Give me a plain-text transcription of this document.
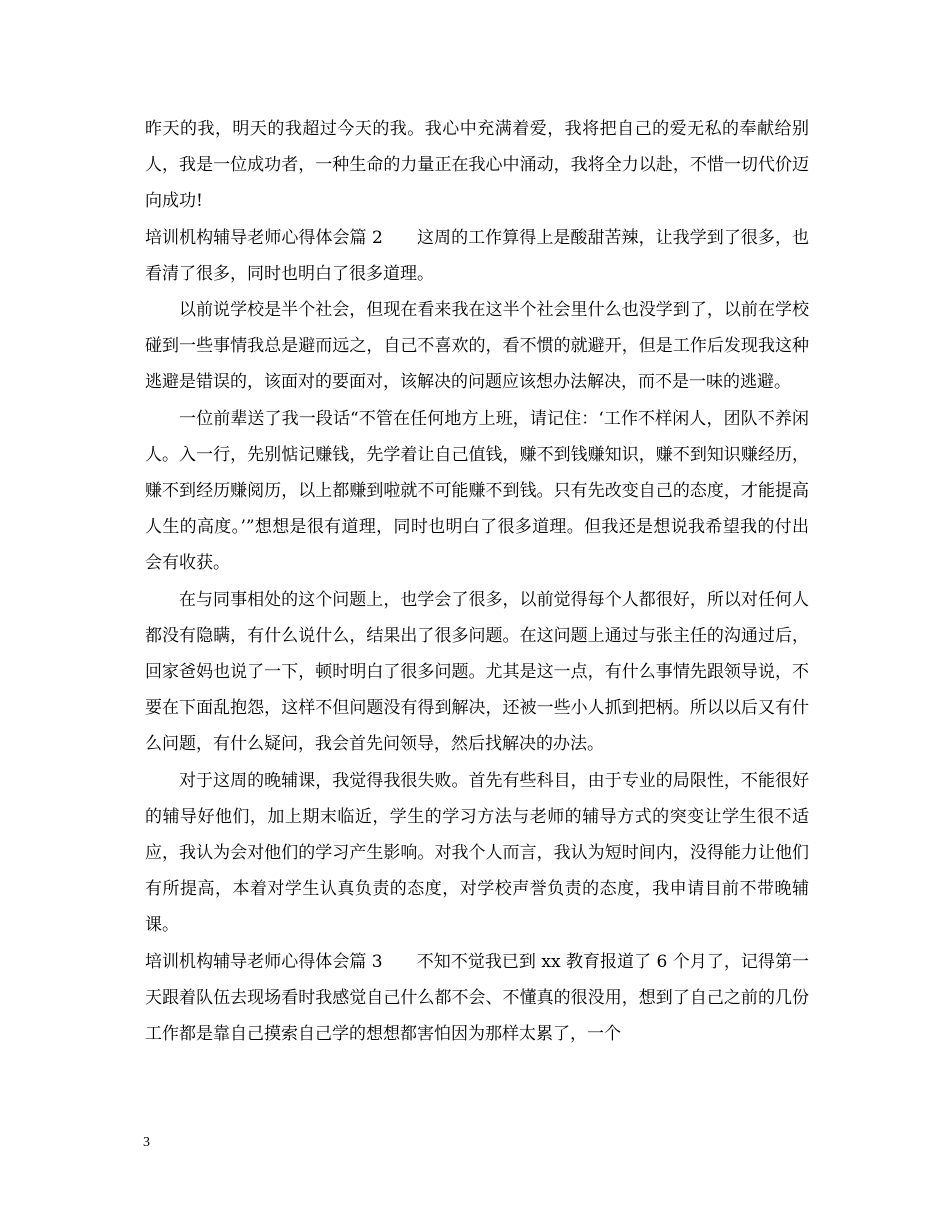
昨天的我，明天的我超过今天的我。我心中充满着爱，我将把自己的爱无私的奉献给别人，我是一位成功者，一种生命的力量正在我心中涌动，我将全力以赴，不惜一切代价迈向成功!

培训机构辅导老师心得体会篇 2　　 这周的工作算得上是酸甜苦辣，让我学到了很多，也看清了很多，同时也明白了很多道理。

以前说学校是半个社会，但现在看来我在这半个社会里什么也没学到了，以前在学校碰到一些事情我总是避而远之，自己不喜欢的，看不惯的就避开，但是工作后发现我这种逃避是错误的，该面对的要面对，该解决的问题应该想办法解决，而不是一味的逃避。

一位前辈送了我一段话“不管在任何地方上班，请记住：‘工作不样闲人，团队不养闲人。入一行，先别惦记赚钱，先学着让自己值钱，赚不到钱赚知识，赚不到知识赚经历，赚不到经历赚阅历，以上都赚到啦就不可能赚不到钱。只有先改变自己的态度，才能提高人生的高度。’”想想是很有道理，同时也明白了很多道理。但我还是想说我希望我的付出会有收获。

在与同事相处的这个问题上，也学会了很多，以前觉得每个人都很好，所以对任何人都没有隐瞒，有什么说什么，结果出了很多问题。在这问题上通过与张主任的沟通过后，回家爸妈也说了一下，顿时明白了很多问题。尤其是这一点，有什么事情先跟领导说，不要在下面乱抱怨，这样不但问题没有得到解决，还被一些小人抓到把柄。所以以后又有什么问题，有什么疑问，我会首先问领导，然后找解决的办法。

对于这周的晚辅课，我觉得我很失败。首先有些科目，由于专业的局限性，不能很好的辅导好他们，加上期末临近，学生的学习方法与老师的辅导方式的突变让学生很不适应，我认为会对他们的学习产生影响。对我个人而言，我认为短时间内，没得能力让他们有所提高，本着对学生认真负责的态度，对学校声誉负责的态度，我申请目前不带晚辅课。

培训机构辅导老师心得体会篇 3　　 不知不觉我已到 xx 教育报道了 6 个月了，记得第一天跟着队伍去现场看时我感觉自己什么都不会、不懂真的很没用，想到了自己之前的几份工作都是靠自己摸索自己学的想想都害怕因为那样太累了，一个

3
